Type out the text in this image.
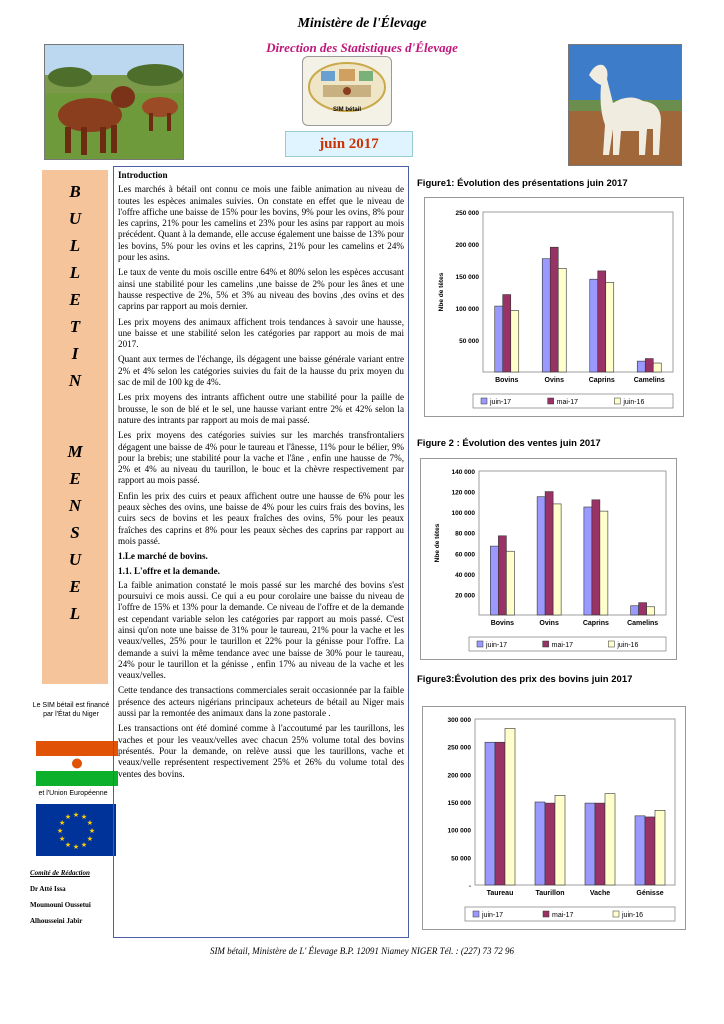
Ministère de l'Élevage
Direction des Statistiques d'Élevage
SIM bétail
juin 2017
B
U
L
L
E
T
I
N
M
E
N
S
U
E
L
Le SIM bétail est financé par l'État du Niger
et l'Union Européenne
★
★
★
★
★
★
★
★
★ ★ ★
★
Comité de Rédaction
Dr Atté Issa
Moumouni Oussetui
Alhousseini Jabir

Introduction

Les marchés à bétail ont connu ce mois une faible animation au niveau de toutes les espèces animales suivies. On constate en effet que le niveau de l'offre affiche une baisse de 15% pour les bovins, 9% pour les ovins, 8% pour les caprins, 21% pour les camelins et 23% pour les asins par rapport au mois précédent. Quant à la demande, elle accuse également une baisse de 13% pour les bovins, 5% pour les ovins et les caprins, 21% pour les camelins et 24% pour les asins.

Le taux de vente du mois oscille entre 64% et 80% selon les espèces accusant ainsi une stabilité pour les camelins ,une baisse de 2% pour les ânes et une hausse respective de 2%, 5% et 3% au niveau des bovins ,des ovins et des caprins par rapport au mois dernier.

Les prix moyens des animaux affichent trois tendances à savoir une hausse, une baisse et une stabilité selon les catégories par rapport au mois de mai 2017.

Quant aux termes de l'échange, ils dégagent une baisse générale variant entre 2% et 4% selon les catégories suivies du fait de la hausse du prix moyen du sac de mil de 100 kg de 4%.

Les prix moyens des intrants affichent outre une stabilité pour la paille de brousse, le son de blé et le sel, une hausse variant entre 2% et 42% selon la nature des intrants par rapport au mois de mai passé.

Les prix moyens des catégories suivies sur les marchés transfrontaliers dégagent une baisse de 4% pour le taureau et l'ânesse, 11% pour le bélier, 9% pour la brebis; une stabilité pour la vache et l'âne , enfin une hausse de 7%, 2% et 4% au niveau du taurillon, le bouc et la chèvre respectivement par rapport au mois passé.

Enfin les prix des cuirs et peaux affichent outre une hausse de 6% pour les peaux sèches des ovins, une baisse de 4% pour les cuirs frais des bovins, les cuirs secs de bovins et les peaux fraîches des ovins, 5% pour les peaux fraîches des caprins et 8% pour les peaux sèches des caprins par rapport au mois passé.

1.Le marché de bovins.

1.1. L'offre et la demande.

La faible animation constaté le mois passé sur les marché des bovins s'est poursuivi ce mois aussi. Ce qui a eu pour corolaire une baisse du niveau de l'offre de 15% et 13% pour la demande. Ce niveau de l'offre et de la demande est cependant variable selon les catégories par rapport au mois passé. C'est ainsi qu'on note une baisse de 31% pour le taureau, 21% pour la vache et les veaux/velles, 25% pour le taurillon et 22% pour la génisse pour l'offre. La demande a suivi la même tendance avec une baisse de 30% pour le taureau, 24% pour le taurillon et la génisse , enfin 17% au niveau de la vache et les veaux/velles.

Cette tendance des transactions commerciales serait occasionnée par la faible présence des acteurs nigérians principaux acheteurs de bétail au Niger mais aussi par la remontée des animaux dans la zone pastorale .

Les transactions ont été dominé comme à l'accoutumé par les taurillons, les vaches et pour les veaux/velles avec chacun 25% volume total des bovins présentés. Pour la demande, on relève aussi que les taurillons, vache et veaux/velle représentent respectivement 25% et 26% du volume total des ventes des bovins.

Figure1: Évolution des présentations juin 2017
50 000
100 000
150 000
200 000
250 000
Nbe de têtes
Bovins	Ovins	Caprins	Camelins
juin-17	mai-17	juin-16
Figure 2 : Évolution des ventes juin 2017
20 000
40 000
60 000
80 000
100 000
120 000
140 000
Nbe de têtes
Bovins	Ovins	Caprins	Camelins
juin-17	mai-17	juin-16
Figure3:Évolution des prix des bovins juin 2017
-
50 000
100 000
150 000
200 000
250 000
300 000
Taureau	Taurillon	Vache	Génisse
juin-17	mai-17	juin-16
SIM bétail, Ministère de L' Élevage B.P. 12091 Niamey NIGER Tél. : (227) 73 72 96
